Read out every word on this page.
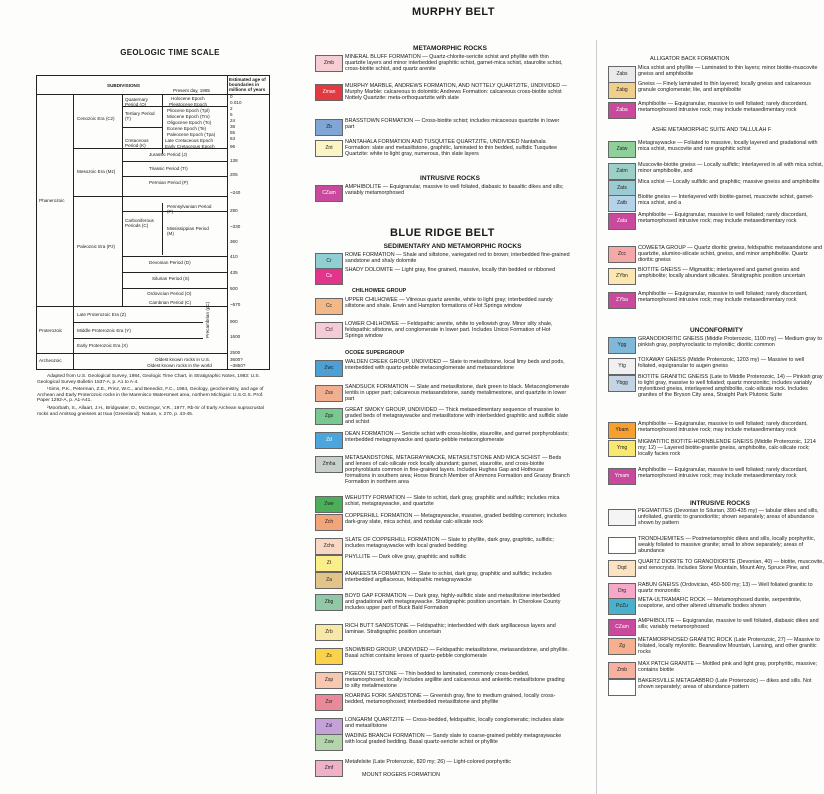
GEOLOGIC TIME SCALE
SUBDIVISIONS
Estimated age of boundaries in millions of years
Phanerozoic
Proterozoic
Archeozoic
Cenozoic Era (Cz)
Mesozoic Era (Mz)
Paleozoic Era (Pz)
Late Proterozoic Era (Z)
Middle Proterozoic Era (Y)
Early Proterozoic Era (X)
Precambrian (pC)
Quaternary Period (Q)
Tertiary Period (T)
Cretaceous Period (K)
Jurassic Period (J)
Triassic Period (Tr)
Permian Period (P)
Carboniferous Periods (C)
Pennsylvanian Period (P)
Mississippian Period (M)
Devonian Period (D)
Silurian Period (S)
Ordovician Period (O)
Cambrian Period (C)
Present day, 1985
Holocene Epoch
Pleistocene Epoch
Pliocene Epoch (Tpl)
Miocene Epoch (Tm)
Oligocene Epoch (To)
Eocene Epoch (Te)
Paleocene Epoch (Tpa)
Late Cretaceous Epoch
Early Cretaceous Epoch
0
0.010
2
5
24
38
55
63
96
138
205
~240
290
~330
360
410
435
500
~570
900
1600
2500
3600?
~3850?
Oldest known rocks in U.S.
Oldest known rocks in the world

Adapted from U.S. Geological Survey, 1984, Geologic Time Chart, in Stratigraphic Notes, 1983: U.S. Geological Survey Bulletin 1537-A, p. A1 to A-4.

¹Sims, P.K., Peterman, Z.E., Prinz, W.C., and Benedict, F.C., 1984, Geology, geochemistry, and age of Archean and Early Proterozoic rocks in the Marenisco Watersmeet area, northern Michigan: U.S.G.S. Prof. Paper 1292-A, p. A1-A41.

²Moorbath, S., Allaart, J.H., Bridgwater, D., McGregor, V.R., 1977, Rb-Sr of Early Archean supracrustal rocks and Amitsog gneisses at Isua (Greenland): Nature, v. 270, p. 43-45.

MURPHY BELT
METAMORPHIC ROCKS
INTRUSIVE ROCKS
BLUE RIDGE BELT
SEDIMENTARY AND METAMORPHIC ROCKS
CHILHOWEE GROUP
OCOEE SUPERGROUP
MOUNT ROGERS FORMATION
ALLIGATOR BACK FORMATION
ASHE METAMORPHIC SUITE AND TALLULAH F
UNCONFORMITY
INTRUSIVE ROCKS
Zmb
MINERAL BLUFF FORMATION — Quartz-chlorite-sericite schist and phyllite with thin quartzite layers and minor interbedded graphitic schist, garnet-mica schist, staurolite schist, cross-biotite schist, and quartz arenite
Zman
MURPHY MARBLE, ANDREWS FORMATION, AND NOTTELY QUARTZITE, UNDIVIDED — Murphy Marble: calcareous to dolomitic Andrews Formation: calcareous cross-biotite schist Nottely Quartzite: meta-orthoquartzite with slate
Zb
BRASSTOWN FORMATION — Cross-biotite schist; includes micaceous quartzite in lower part
Znt
NANTAHALA FORMATION AND TUSQUITEE QUARTZITE, UNDIVIDED Nantahala Formation: slate and metasiltstone, graphitic, laminated to thin bedded, sulfidic Tusquitee Quartzite: white to light gray, numerous, thin slate layers
CZam
AMPHIBOLITE — Equigranular, massive to well foliated, diabasic to basaltic dikes and sills; variably metamorphosed
Cr
ROME FORMATION — Shale and siltstone, variegated red to brown; interbedded fine-grained sandstone and shaly dolomite
Cs
SHADY DOLOMITE — Light gray, fine grained, massive, locally thin bedded or ribboned
Cc
UPPER CHILHOWEE — Vitreous quartz arenite, white to light gray; interbedded sandy siltstone and shale. Erwin and Hampton formations of Hot Springs window
Ccl
LOWER CHILHOWEE — Feldspathic arenite, white to yellowish gray. Minor silty shale, feldspathic siltstone, and conglomerate in lower part. Includes Unicoi Formation of Hot Springs window
Zwc
WALDEN CREEK GROUP, UNDIVIDED — Slate to metasiltstone, local limy beds and pods, interbedded with quartz-pebble metaconglomerate and metasandstone
Zss
SANDSUCK FORMATION — Slate and metasiltstone, dark green to black. Metaconglomerate lentils in upper part; calcareous metasandstone, sandy metalimestone, and quartzite in lower part
Zgs
GREAT SMOKY GROUP, UNDIVIDED — Thick metasedimentary sequence of massive to graded beds of metagraywacke and metasiltstone with interbedded graphitic and sulfidic slate and schist
Zd
DEAN FORMATION — Sericite schist with cross-biotite, staurolite, and garnet porphyroblasts; interbedded metagraywacke and quartz-pebble metaconglomerate
Zmha
METASANDSTONE, METAGRAYWACKE, METASILTSTONE AND MICA SCHIST — Beds and lenses of calc-silicate rock locally abundant; garnet, staurolite, and cross-biotite porphyroblasts common in fine-grained layers. Includes Hughes Gap and Hothouse formations in southern area; Horse Branch Member of Ammons Formation and Grassy Branch Formation in northern area
Zwe
WEHUTTY FORMATION — Slate to schist, dark gray, graphitic and sulfidic; includes mica schist, metagraywacke, and quartzite
Zch
COPPERHILL FORMATION — Metagraywacke, massive, graded bedding common; includes dark-gray slate, mica schist, and nodular calc-silicate rock
Zchs
SLATE OF COPPERHILL FORMATION — Slate to phyllite, dark gray, graphitic, sulfidic; includes metagraywacke with local graded bedding
Zt
PHYLLITE — Dark olive gray, graphitic and sulfidic
Za
ANAKEESTA FORMATION — Slate to schist, dark gray, graphitic and sulfidic; includes interbedded argillaceous, feldspathic metagraywacke
Zbg
BOYD GAP FORMATION — Dark gray, highly-sulfidic slate and metasiltstone interbedded and gradational with metagraywacke. Stratigraphic position uncertain. In Cherokee County includes upper part of Buck Bald Formation
Zrb
RICH BUTT SANDSTONE — Feldspathic; interbedded with dark argillaceous layers and laminae. Stratigraphic position uncertain
Zs
SNOWBIRD GROUP, UNDIVIDED — Feldspathic metasiltstone, metasandstone, and phyllite. Basal schist contains lenses of quartz-pebble conglomerate
Zsp
PIGEON SILTSTONE — Thin bedded to laminated, commonly cross-bedded, metamorphosed; locally includes argillite and calcareous and ankeritic metasiltstone grading to silty metalimestone
Zsr
ROARING FORK SANDSTONE — Greenish gray, fine to medium grained, locally cross-bedded, metamorphosed; interbedded metasiltstone and phyllite
Zsl
LONGARM QUARTZITE — Cross-bedded, feldspathic, locally conglomeratic; includes slate and metasiltstone
Zsw
WADING BRANCH FORMATION — Sandy slate to coarse-grained pebbly metagraywacke with local graded bedding. Basal quartz-sericite schist or phyllite
Zmf
Metafelsite (Late Proterozoic, 820 my; 26) — Light-colored porphyritic
Zabs
Mica schist and phyllite — Laminated to thin layers; minor biotite-muscovite gneiss and amphibolite
Zabg
Gneiss — Finely laminated to thin layered; locally gneiss and calcareous granule conglomerate; lite, and amphibolite
Zaba
Amphibolite — Equigranular, massive to well foliated; rarely discordant, metamorphosed intrusive rock; may include metasedimentary rock
Zatw
Metagraywacke — Foliated to massive, locally layered and gradational with mica schist, muscovite and rare graphitic schist
Zatm
Muscovite-biotite gneiss — Locally sulfidic; interlayered in all with mica schist, minor amphibolite, and
Zats
Mica schist — Locally sulfidic and graphitic; massive gneiss and amphibolite
Zatb
Biotite gneiss — Interlayered with biotite-garnet, muscovite schist, garnet-mica schist, and a
Zata
Amphibolite — Equigranular, massive to well foliated; rarely discordant, metamorphosed intrusive rock; may include metasedimentary rock
Zcc
COWEETA GROUP — Quartz dioritic gneiss, feldspathic metasandstone and quartzite, alumino-silicate schist, gneiss, and minor amphibolite. Quartz dioritic gneiss
ZYbn
BIOTITE GNEISS — Migmatitic; interlayered and garnet gneiss and amphibolite; locally abundant silicates. Stratigraphic position uncertain
ZYba
Amphibolite — Equigranular, massive to well foliated; rarely discordant, metamorphosed intrusive rock; may include metasedimentary rock
Ygg
GRANODIORITIC GNEISS (Middle Proterozoic, 1100 my) — Medium gray to pinkish gray, porphyroclastic to mylonitic; dioritic common
Ytg
TOXAWAY GNEISS (Middle Proterozoic, 1203 my) — Massive to well foliated, equigranular to augen gneiss
Ybgg
BIOTITE GRANITIC GNEISS (Late to Middle Proterozoic, 14) — Pinkish gray to light gray, massive to well foliated; quartz monzonitic; includes variably mylonitized gneiss, interlayered amphibolite, calc-silicate rock. Includes granites of the Bryson City area, Straight Park Plutonic Suite
Ybam
Amphibolite — Equigranular, massive to well foliated; rarely discordant, metamorphosed intrusive rock; may include metasedimentary rock
Ymg
MIGMATITIC BIOTITE-HORNBLENDE GNEISS (Middle Proterozoic, 1214 my; 12) — Layered biotite-granite gneiss, amphibolite, calc-silicate rock; locally facies rock
Ymam
Amphibolite — Equigranular, massive to well foliated; rarely discordant, metamorphosed intrusive rock; may include metasedimentary rock
PEGMATITES (Devonian to Silurian, 390-435 my) — tabular dikes and sills, unfoliated, granitic to granodioritic; shown separately; areas of abundance shown by pattern
TRONDHJEMITES — Postmetamorphic dikes and sills, locally porphyritic, weakly foliated to massive granite; small to show separately; areas of abundance
Dqd
QUARTZ DIORITE TO GRANODIORITE (Devonian, 40) — biotite, muscovite, and xenocrysts. Includes Stone Mountain, Mount Airy, Spruce Pine, and
Drg
RABUN GNEISS (Ordovician, 450-500 my; 13) — Well foliated granitic to quartz monzonitic
PzZu
META-ULTRAMAFIC ROCK — Metamorphosed dunite, serpentinite, soapstone, and other altered ultramafic bodies shown
CZam
AMPHIBOLITE — Equigranular, massive to well foliated, diabasic dikes and sills; variably metamorphosed
Zg
METAMORPHOSED GRANITIC ROCK (Late Proterozoic, 27) — Massive to foliated, locally mylonitic. Bearwallow Mountain, Lansing, and other granitic rocks
Zmb
MAX PATCH GRANITE — Mottled pink and light gray, porphyritic, massive; contains biotite
BAKERSVILLE METAGABBRO (Late Proterozoic) — dikes and sills. Not shown separately; areas of abundance pattern
